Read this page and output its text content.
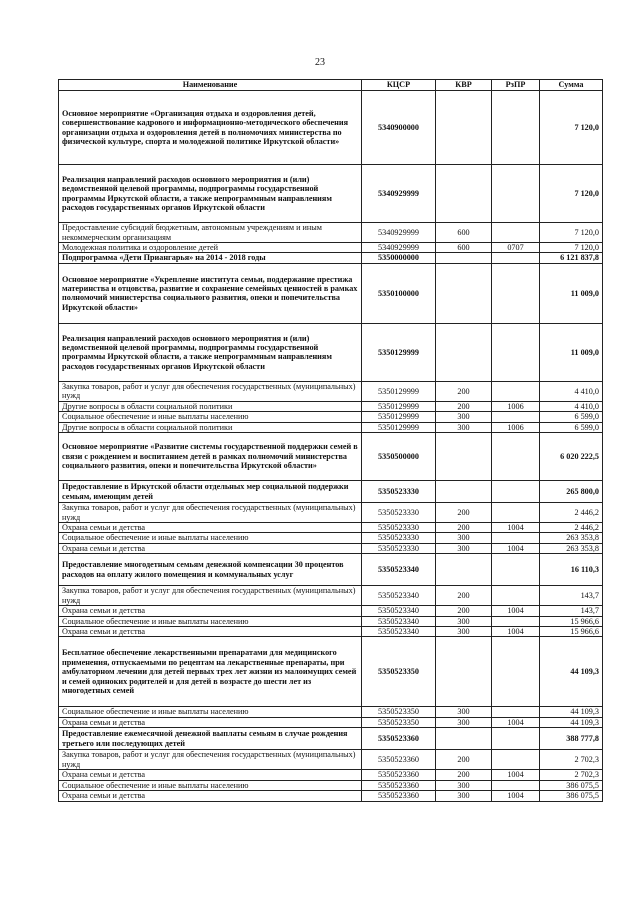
23
Наименование	КЦСР	КВР	РзПР	Сумма
Основное мероприятие «Организация отдыха и оздоровления детей, совершенствование кадрового и информационно-методического обеспечения организации отдыха и оздоровления детей в полномочиях министерства по физической культуре, спорта и молодежной политике Иркутской области»	5340900000			7 120,0
Реализация направлений расходов основного мероприятия и (или) ведомственной целевой программы, подпрограммы государственной программы Иркутской области, а также непрограммным направлениям расходов государственных органов Иркутской области	5340929999			7 120,0
Предоставление субсидий бюджетным, автономным учреждениям и иным некоммерческим организациям	5340929999	600		7 120,0
Молодежная политика и оздоровление детей	5340929999	600	0707	7 120,0
Подпрограмма «Дети Приангарья» на 2014 - 2018 годы	5350000000			6 121 837,8
Основное мероприятие «Укрепление института семьи, поддержание престижа материнства и отцовства, развитие и сохранение семейных ценностей в рамках полномочий министерства социального развития, опеки и попечительства Иркутской области»	5350100000			11 009,0
Реализация направлений расходов основного мероприятия и (или) ведомственной целевой программы, подпрограммы государственной программы Иркутской области, а также непрограммным направлениям расходов государственных органов Иркутской области	5350129999			11 009,0
Закупка товаров, работ и услуг для обеспечения государственных (муниципальных) нужд	5350129999	200		4 410,0
Другие вопросы в области социальной политики	5350129999	200	1006	4 410,0
Социальное обеспечение и иные выплаты населению	5350129999	300		6 599,0
Другие вопросы в области социальной политики	5350129999	300	1006	6 599,0
Основное мероприятие «Развитие системы государственной поддержки семей в связи с рождением и воспитанием детей в рамках полномочий министерства социального развития, опеки и попечительства Иркутской области»	5350500000			6 020 222,5
Предоставление в Иркутской области отдельных мер социальной поддержки семьям, имеющим детей	5350523330			265 800,0
Закупка товаров, работ и услуг для обеспечения государственных (муниципальных) нужд	5350523330	200		2 446,2
Охрана семьи и детства	5350523330	200	1004	2 446,2
Социальное обеспечение и иные выплаты населению	5350523330	300		263 353,8
Охрана семьи и детства	5350523330	300	1004	263 353,8
Предоставление многодетным семьям денежной компенсации 30 процентов расходов на оплату жилого помещения и коммунальных услуг	5350523340			16 110,3
Закупка товаров, работ и услуг для обеспечения государственных (муниципальных) нужд	5350523340	200		143,7
Охрана семьи и детства	5350523340	200	1004	143,7
Социальное обеспечение и иные выплаты населению	5350523340	300		15 966,6
Охрана семьи и детства	5350523340	300	1004	15 966,6
Бесплатное обеспечение лекарственными препаратами для медицинского применения, отпускаемыми по рецептам на лекарственные препараты, при амбулаторном лечении для детей первых трех лет жизни из малоимущих семей и семей одиноких родителей и для детей в возрасте до шести лет из многодетных семей	5350523350			44 109,3
Социальное обеспечение и иные выплаты населению	5350523350	300		44 109,3
Охрана семьи и детства	5350523350	300	1004	44 109,3
Предоставление ежемесячной денежной выплаты семьям в случае рождения третьего или последующих детей	5350523360			388 777,8
Закупка товаров, работ и услуг для обеспечения государственных (муниципальных) нужд	5350523360	200		2 702,3
Охрана семьи и детства	5350523360	200	1004	2 702,3
Социальное обеспечение и иные выплаты населению	5350523360	300		386 075,5
Охрана семьи и детства	5350523360	300	1004	386 075,5
